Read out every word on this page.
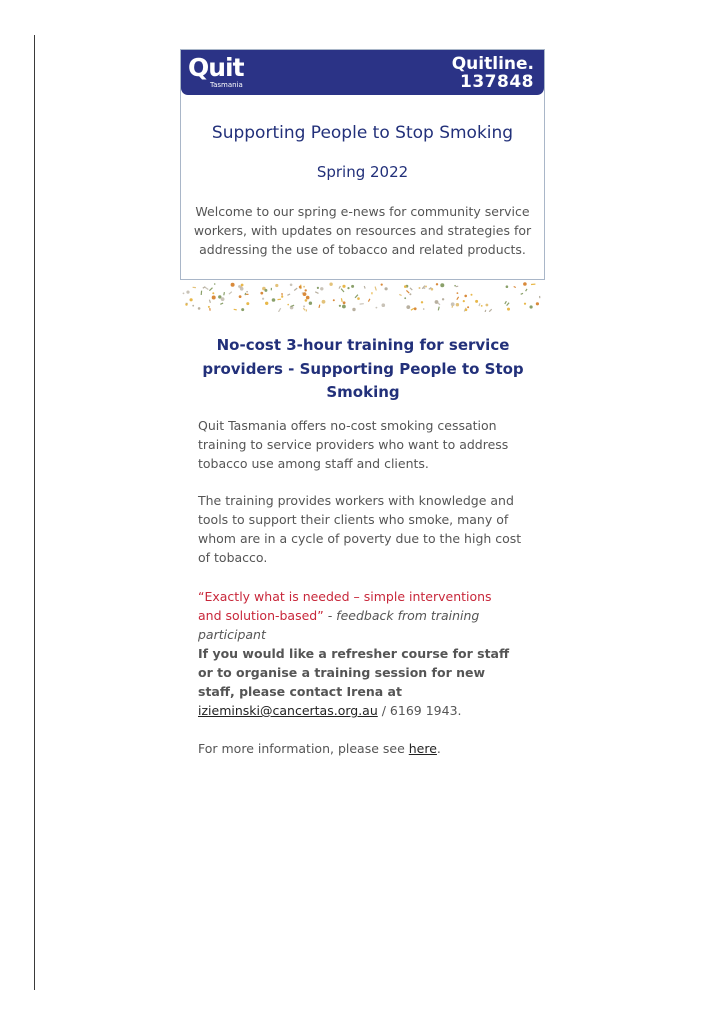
Quit
Tasmania
Quitline.
137848
Supporting People to Stop Smoking
Spring 2022

Welcome to our spring e-news for community service workers, with updates on resources and strategies for addressing the use of tobacco and related products.

No-cost 3-hour training for service providers - Supporting People to Stop Smoking

Quit Tasmania offers no-cost smoking cessation training to service providers who want to address tobacco use among staff and clients.

The training provides workers with knowledge and tools to support their clients who smoke, many of whom are in a cycle of poverty due to the high cost of tobacco.

“Exactly what is needed – simple interventions and solution-based” - feedback from training participant

If you would like a refresher course for staff or to organise a training session for new staff, please contact Irena at izieminski@cancertas.org.au / 6169 1943.

For more information, please see here.
